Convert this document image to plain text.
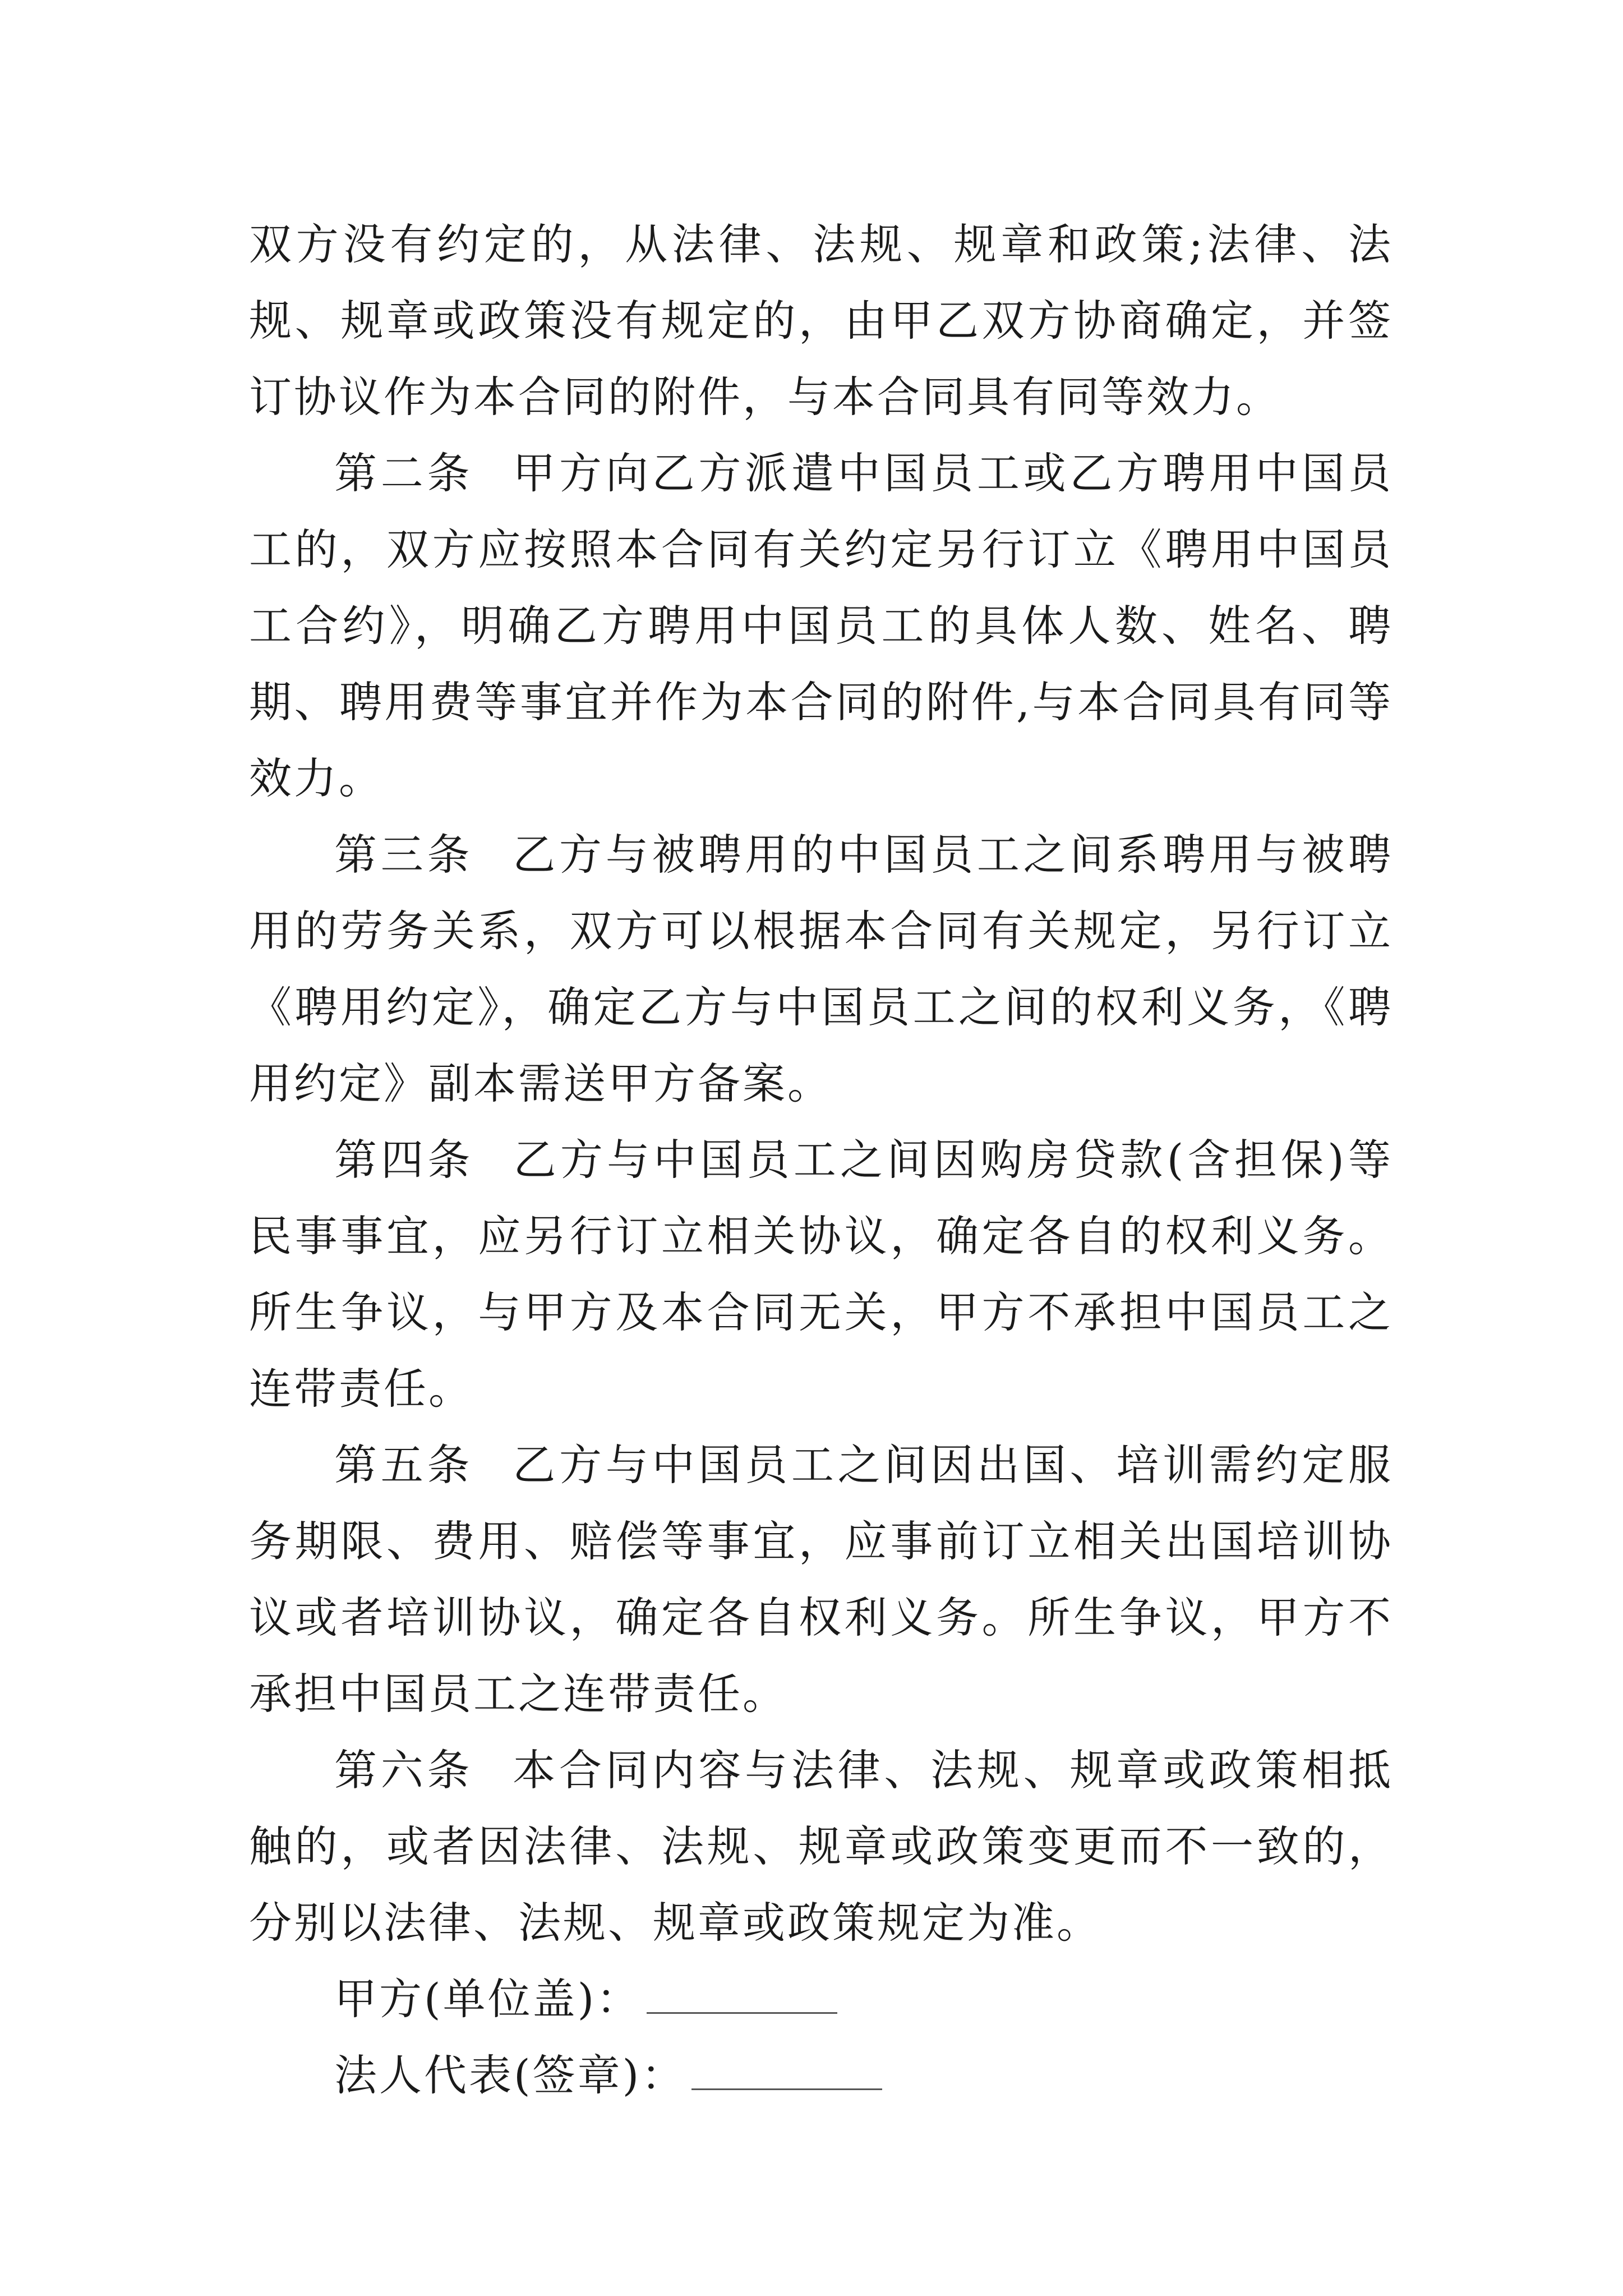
双方没有约定的，从法律、法规、规章和政策;法律、法规、规章或政策没有规定的，由甲乙双方协商确定，并签订协议作为本合同的附件，与本合同具有同等效力。

第二条 甲方向乙方派遣中国员工或乙方聘用中国员工的，双方应按照本合同有关约定另行订立《聘用中国员工合约》，明确乙方聘用中国员工的具体人数、姓名、聘期、聘用费等事宜并作为本合同的附件,与本合同具有同等效力。

第三条 乙方与被聘用的中国员工之间系聘用与被聘用的劳务关系，双方可以根据本合同有关规定，另行订立《聘用约定》，确定乙方与中国员工之间的权利义务，《聘用约定》副本需送甲方备案。

第四条 乙方与中国员工之间因购房贷款(含担保)等民事事宜，应另行订立相关协议，确定各自的权利义务。所生争议，与甲方及本合同无关，甲方不承担中国员工之连带责任。

第五条 乙方与中国员工之间因出国、培训需约定服务期限、费用、赔偿等事宜，应事前订立相关出国培训协议或者培训协议，确定各自权利义务。所生争议，甲方不承担中国员工之连带责任。

第六条 本合同内容与法律、法规、规章或政策相抵触的，或者因法律、法规、规章或政策变更而不一致的，分别以法律、法规、规章或政策规定为准。

甲方(单位盖)：

法人代表(签章)：
